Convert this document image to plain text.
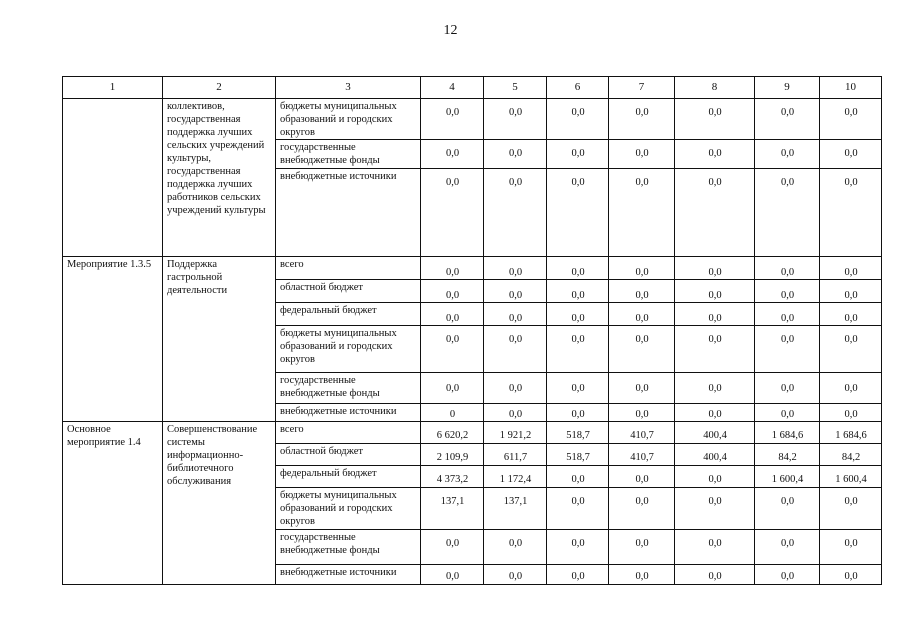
12
1	2	3	4	5	6	7	8	9	10
	коллективов, государственная поддержка лучших сельских учреждений культуры, государственная поддержка лучших работников сельских учреждений культуры	бюджеты муниципальных образований и городских округов	0,0	0,0	0,0	0,0	0,0	0,0	0,0
		государственные внебюджетные фонды	0,0	0,0	0,0	0,0	0,0	0,0	0,0
		внебюджетные источники	0,0	0,0	0,0	0,0	0,0	0,0	0,0
Мероприятие 1.3.5	Поддержка гастрольной деятельности	всего	0,0	0,0	0,0	0,0	0,0	0,0	0,0
		областной бюджет	0,0	0,0	0,0	0,0	0,0	0,0	0,0
		федеральный бюджет	0,0	0,0	0,0	0,0	0,0	0,0	0,0
		бюджеты муниципальных образований и городских округов	0,0	0,0	0,0	0,0	0,0	0,0	0,0
		государственные внебюджетные фонды	0,0	0,0	0,0	0,0	0,0	0,0	0,0
		внебюджетные источники	0	0,0	0,0	0,0	0,0	0,0	0,0
Основное мероприятие 1.4	Совершенствование системы информационно-библиотечного обслуживания	всего	6 620,2	1 921,2	518,7	410,7	400,4	1 684,6	1 684,6
		областной бюджет	2 109,9	611,7	518,7	410,7	400,4	84,2	84,2
		федеральный бюджет	4 373,2	1 172,4	0,0	0,0	0,0	1 600,4	1 600,4
		бюджеты муниципальных образований и городских округов	137,1	137,1	0,0	0,0	0,0	0,0	0,0
		государственные внебюджетные фонды	0,0	0,0	0,0	0,0	0,0	0,0	0,0
		внебюджетные источники	0,0	0,0	0,0	0,0	0,0	0,0	0,0
